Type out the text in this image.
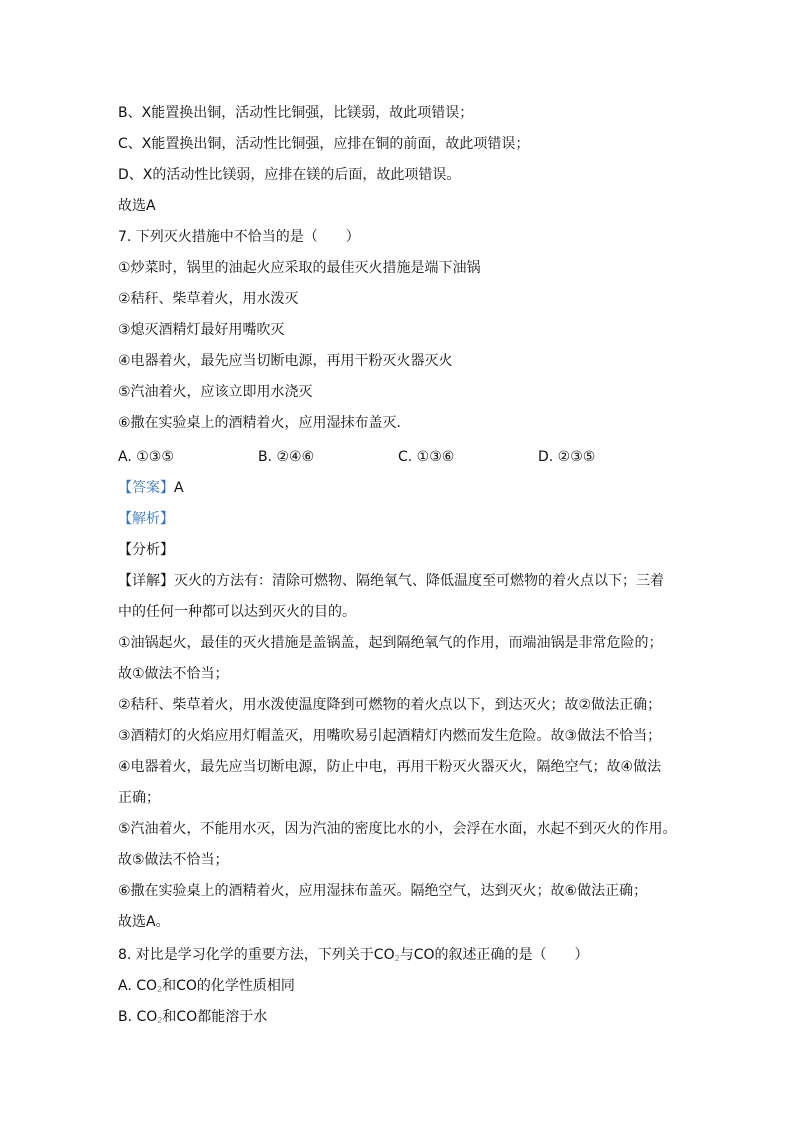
B、X能置换出铜，活动性比铜强，比镁弱，故此项错误；
C、X能置换出铜，活动性比铜强，应排在铜的前面，故此项错误；
D、X的活动性比镁弱，应排在镁的后面，故此项错误。
故选A
7. 下列灭火措施中不恰当的是（　　）
①炒菜时，锅里的油起火应采取的最佳灭火措施是端下油锅
②秸秆、柴草着火，用水泼灭
③熄灭酒精灯最好用嘴吹灭
④电器着火，最先应当切断电源，再用干粉灭火器灭火
⑤汽油着火，应该立即用水浇灭
⑥撒在实验桌上的酒精着火，应用湿抹布盖灭．
A. ①③⑤	B. ②④⑥	C. ①③⑥	D. ②③⑤
【答案】A
【解析】
【分析】
【详解】灭火的方法有：清除可燃物、隔绝氧气、降低温度至可燃物的着火点以下；三着
中的任何一种都可以达到灭火的目的。
①油锅起火，最佳的灭火措施是盖锅盖，起到隔绝氧气的作用，而端油锅是非常危险的；
故①做法不恰当；
②秸秆、柴草着火，用水泼使温度降到可燃物的着火点以下，到达灭火；故②做法正确；
③酒精灯的火焰应用灯帽盖灭，用嘴吹易引起酒精灯内燃而发生危险。故③做法不恰当；
④电器着火，最先应当切断电源，防止中电，再用干粉灭火器灭火，隔绝空气；故④做法
正确；
⑤汽油着火，不能用水灭，因为汽油的密度比水的小，会浮在水面，水起不到灭火的作用。
故⑤做法不恰当；
⑥撒在实验桌上的酒精着火，应用湿抹布盖灭。隔绝空气，达到灭火；故⑥做法正确；
故选A。
8. 对比是学习化学的重要方法，下列关于$CO_2$与CO的叙述正确的是（　　）
A. $CO_2$和CO的化学性质相同
B. $CO_2$和CO都能溶于水
